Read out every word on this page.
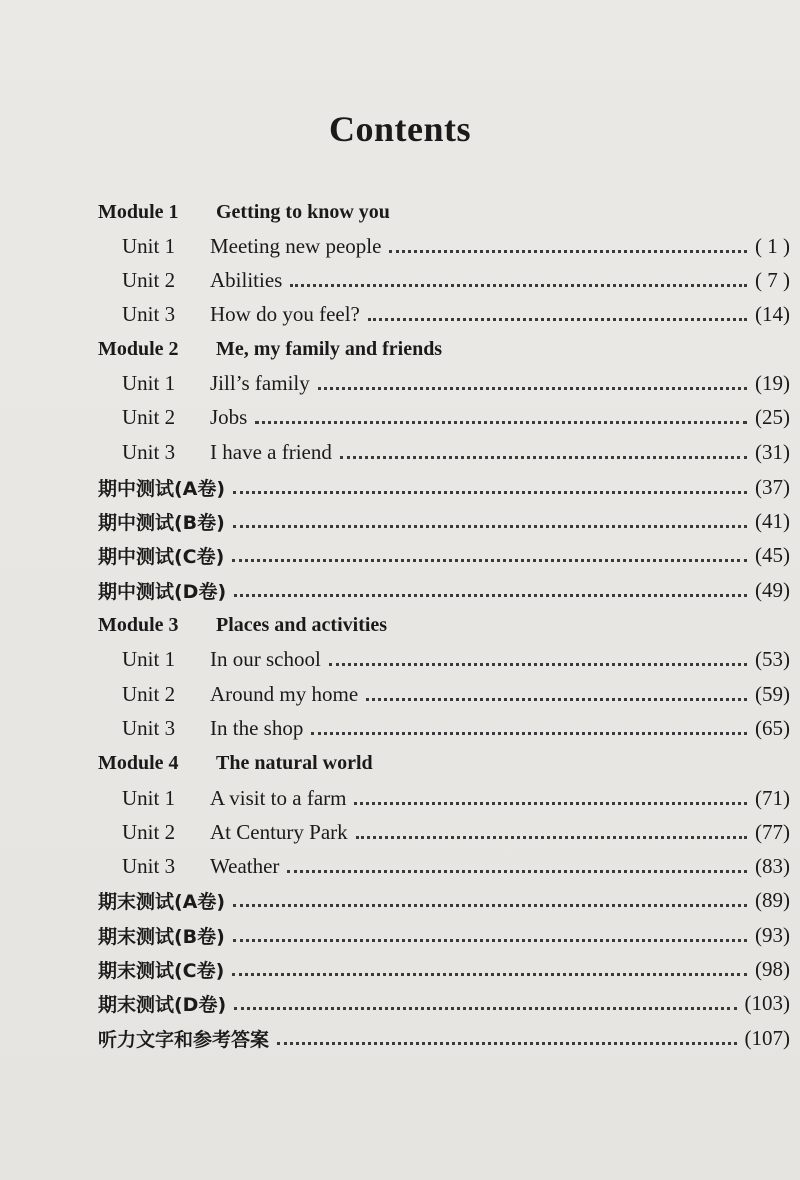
Contents
Module 1	Getting to know you
Unit 1	Meeting new people	( 1 )
Unit 2	Abilities	( 7 )
Unit 3	How do you feel?	(14)
Module 2	Me, my family and friends
Unit 1	Jill’s family	(19)
Unit 2	Jobs	(25)
Unit 3	I have a friend	(31)
期中测试(A卷)	(37)
期中测试(B卷)	(41)
期中测试(C卷)	(45)
期中测试(D卷)	(49)
Module 3	Places and activities
Unit 1	In our school	(53)
Unit 2	Around my home	(59)
Unit 3	In the shop	(65)
Module 4	The natural world
Unit 1	A visit to a farm	(71)
Unit 2	At Century Park	(77)
Unit 3	Weather	(83)
期末测试(A卷)	(89)
期末测试(B卷)	(93)
期末测试(C卷)	(98)
期末测试(D卷)	(103)
听力文字和参考答案	(107)
